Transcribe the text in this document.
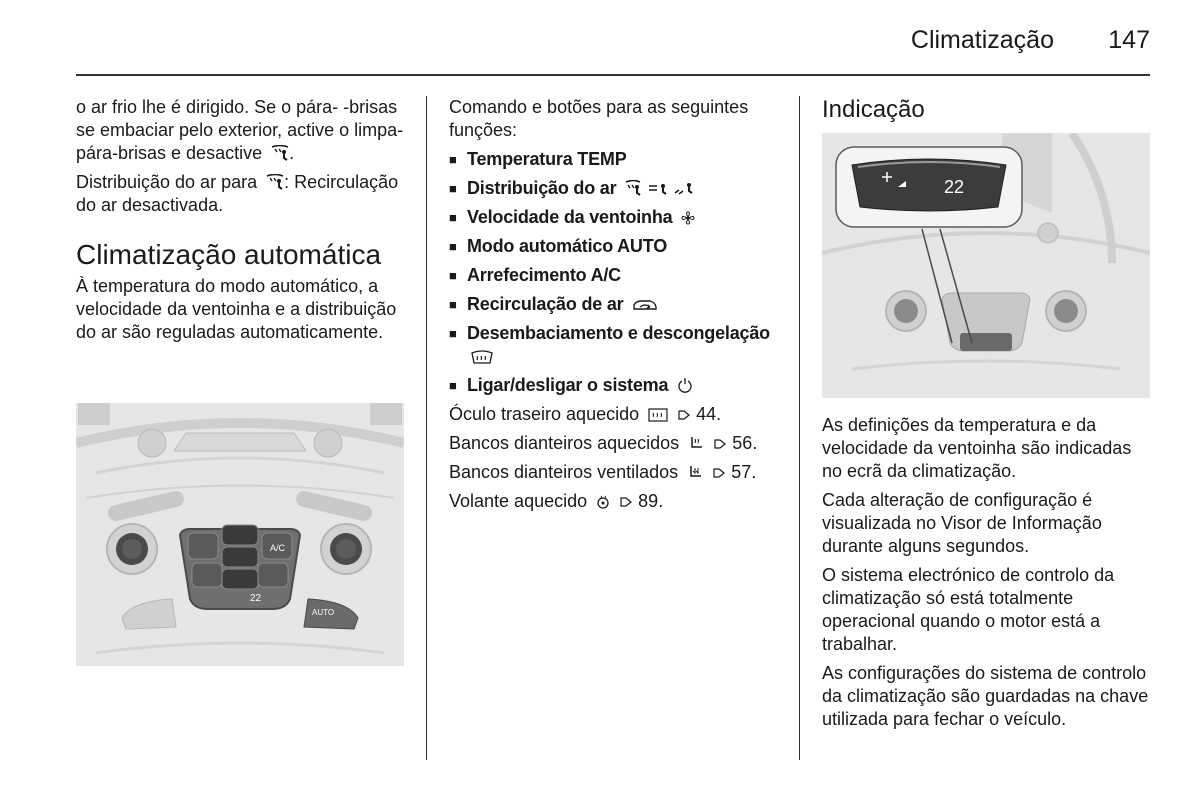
Climatização 147

o ar frio lhe é dirigido. Se o pára- -brisas se embaciar pelo exterior, active o limpa-pára-brisas e desactive .

Distribuição do ar para : Recirculação do ar desactivada.

Climatização automática

À temperatura do modo automático, a velocidade da ventoinha e a distribuição do ar são reguladas automaticamente.

A/C
22
AUTO

Comando e botões para as seguintes funções:

■ Temperatura TEMP
■ Distribuição do ar
■ Velocidade da ventoinha
■ Modo automático AUTO
■ Arrefecimento A/C
■ Recirculação de ar
■ Desembaciamento e descongelação
■ Ligar/desligar o sistema

Óculo traseiro aquecido	44.

Bancos dianteiros aquecidos	56.

Bancos dianteiros ventilados	57.

Volante aquecido	89.

Indicação
22

As definições da temperatura e da velocidade da ventoinha são indicadas no ecrã da climatização.

Cada alteração de configuração é visualizada no Visor de Informação durante alguns segundos.

O sistema electrónico de controlo da climatização só está totalmente operacional quando o motor está a trabalhar.

As configurações do sistema de controlo da climatização são guardadas na chave utilizada para fechar o veículo.
